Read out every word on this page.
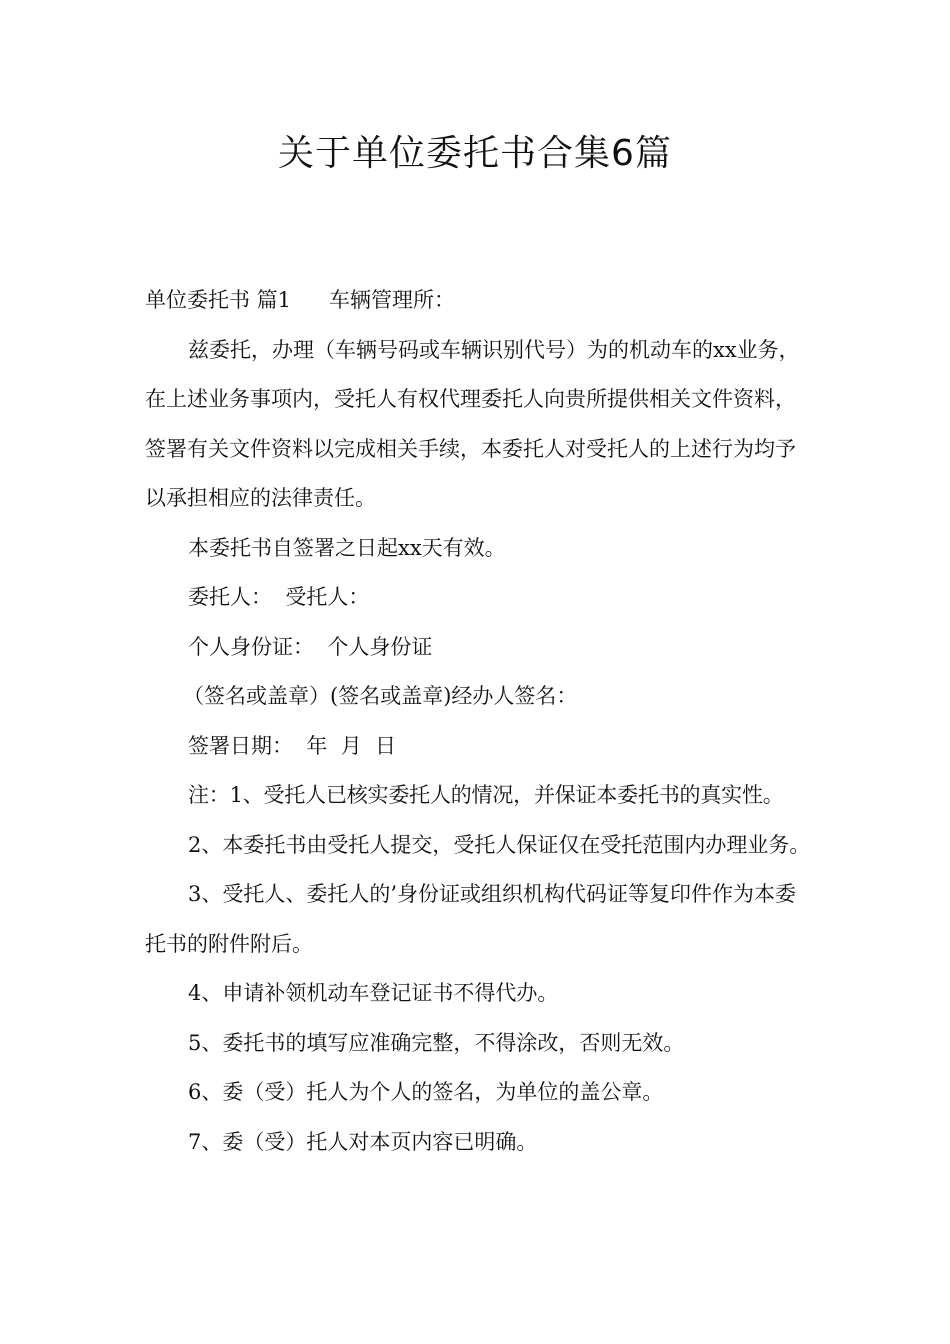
关于单位委托书合集6篇

单位委托书 篇1 车辆管理所：

兹委托，办理（车辆号码或车辆识别代号）为的机动车的xx业务，在上述业务事项内，受托人有权代理委托人向贵所提供相关文件资料，签署有关文件资料以完成相关手续，本委托人对受托人的上述行为均予以承担相应的法律责任。

本委托书自签署之日起xx天有效。

委托人：  受托人：

个人身份证：  个人身份证

（签名或盖章）(签名或盖章)经办人签名：

签署日期：  年  月  日

注：1、受托人已核实委托人的情况，并保证本委托书的真实性。

2、本委托书由受托人提交，受托人保证仅在受托范围内办理业务。

3、受托人、委托人的’身份证或组织机构代码证等复印件作为本委托书的附件附后。

4、申请补领机动车登记证书不得代办。

5、委托书的填写应准确完整，不得涂改，否则无效。

6、委（受）托人为个人的签名，为单位的盖公章。

7、委（受）托人对本页内容已明确。
